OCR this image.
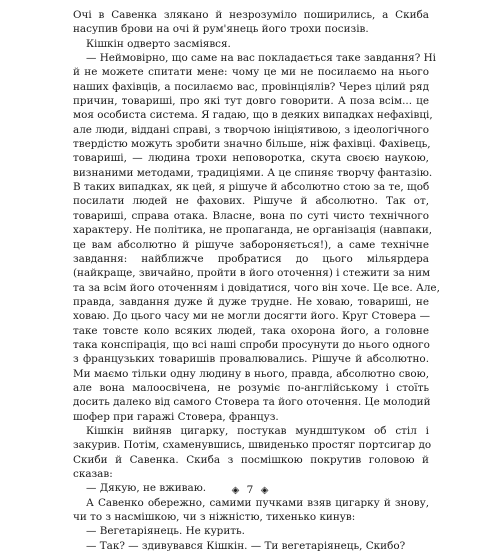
Очі в Савенка злякано й незрозуміло поширились, а Скиба
насупив брови на очі й рум'янець його трохи посизів.
Кішкін одверто засміявся.
— Неймовірно, що саме на вас покладається таке завдання? Ні
й не можете спитати мене: чому це ми не посилаємо на нього
наших фахівців, а посилаємо вас, провінціялів? Через цілий ряд
причин, товариші, про які тут довго говорити. А поза всім... це
моя особиста система. Я гадаю, що в деяких випадках нефахівці,
але люди, віддані справі, з творчою ініціятивою, з ідеологічного
твердістю можуть зробити значно більше, ніж фахівці. Фахівець,
товариші, — людина трохи неповоротка, скута своєю наукою,
визнаними методами, традиціями. А це спиняє творчу фантазію.
В таких випадках, як цей, я рішуче й абсолютно стою за те, щоб
посилати людей не фахових. Рішуче й абсолютно. Так от,
товариші, справа отака. Власне, вона по суті чисто технічного
характеру. Не політика, не пропаганда, не організація (навпаки,
це вам абсолютно й рішуче забороняється!), а саме технічне
завдання: найближче пробратися до цього мільярдера
(найкраще, звичайно, пройти в його оточення) і стежити за ним
та за всім його оточенням і довідатися, чого він хоче. Це все. Але,
правда, завдання дуже й дуже трудне. Не ховаю, товариші, не
ховаю. До цього часу ми не могли досягти його. Круг Стовера —
таке товсте коло всяких людей, така охорона його, а головне
така конспірація, що всі наші спроби просунути до нього одного
з французьких товаришів провалювались. Рішуче й абсолютно.
Ми маємо тільки одну людину в нього, правда, абсолютно свою,
але вона малоосвічена, не розуміє по-англійському і стоїть
досить далеко від самого Стовера та його оточення. Це молодий
шофер при гаражі Стовера, француз.
Кішкін вийняв цигарку, постукав мундштуком об стіл і
закурив. Потім, схаменувшись, швиденько простяг портсигар до
Скиби й Савенка. Скиба з посмішкою покрутив головою й
сказав:
— Дякую, не вживаю.
А Савенко обережно, самими пучками взяв цигарку й знову,
чи то з насмішкою, чи з ніжністю, тихенько кинув:
— Вегетаріянець. Не курить.
— Так? — здивувався Кішкін. — Ти вегетаріянець, Скибо?
◈ 7 ◈
